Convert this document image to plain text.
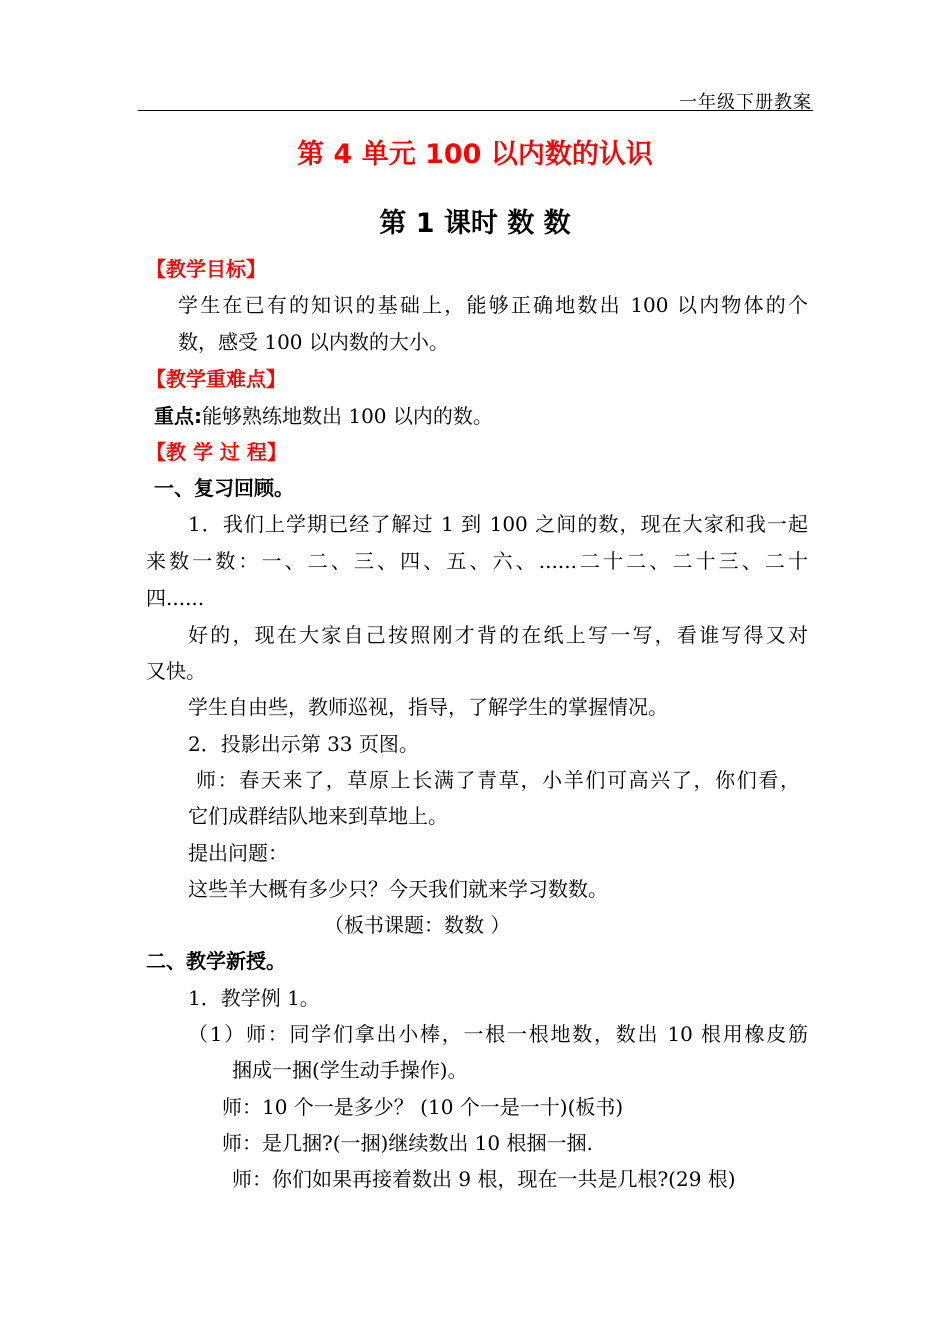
一年级下册教案
第 4 单元 100 以内数的认识
第 1 课时 数 数
【教学目标】
学生在已有的知识的基础上，能够正确地数出 100 以内物体的个
数，感受 100 以内数的大小。
【教学重难点】
重点:能够熟练地数出 100 以内的数。
【教 学 过 程】
一、复习回顾。
1．我们上学期已经了解过 1 到 100 之间的数，现在大家和我一起
来数一数：一、二、三、四、五、六、......二十二、二十三、二十
四......
好的，现在大家自己按照刚才背的在纸上写一写，看谁写得又对
又快。
学生自由些，教师巡视，指导，了解学生的掌握情况。
2．投影出示第 33 页图。
师：春天来了，草原上长满了青草，小羊们可高兴了，你们看，
它们成群结队地来到草地上。
提出问题：
这些羊大概有多少只？今天我们就来学习数数。
（板书课题：数数 ）
二、教学新授。
1．教学例 1。
（1）师：同学们拿出小棒，一根一根地数，数出 10 根用橡皮筋
捆成一捆(学生动手操作)。
师：10 个一是多少？ (10 个一是一十)(板书)
师：是几捆?(一捆)继续数出 10 根捆一捆.
师：你们如果再接着数出 9 根，现在一共是几根?(29 根)
